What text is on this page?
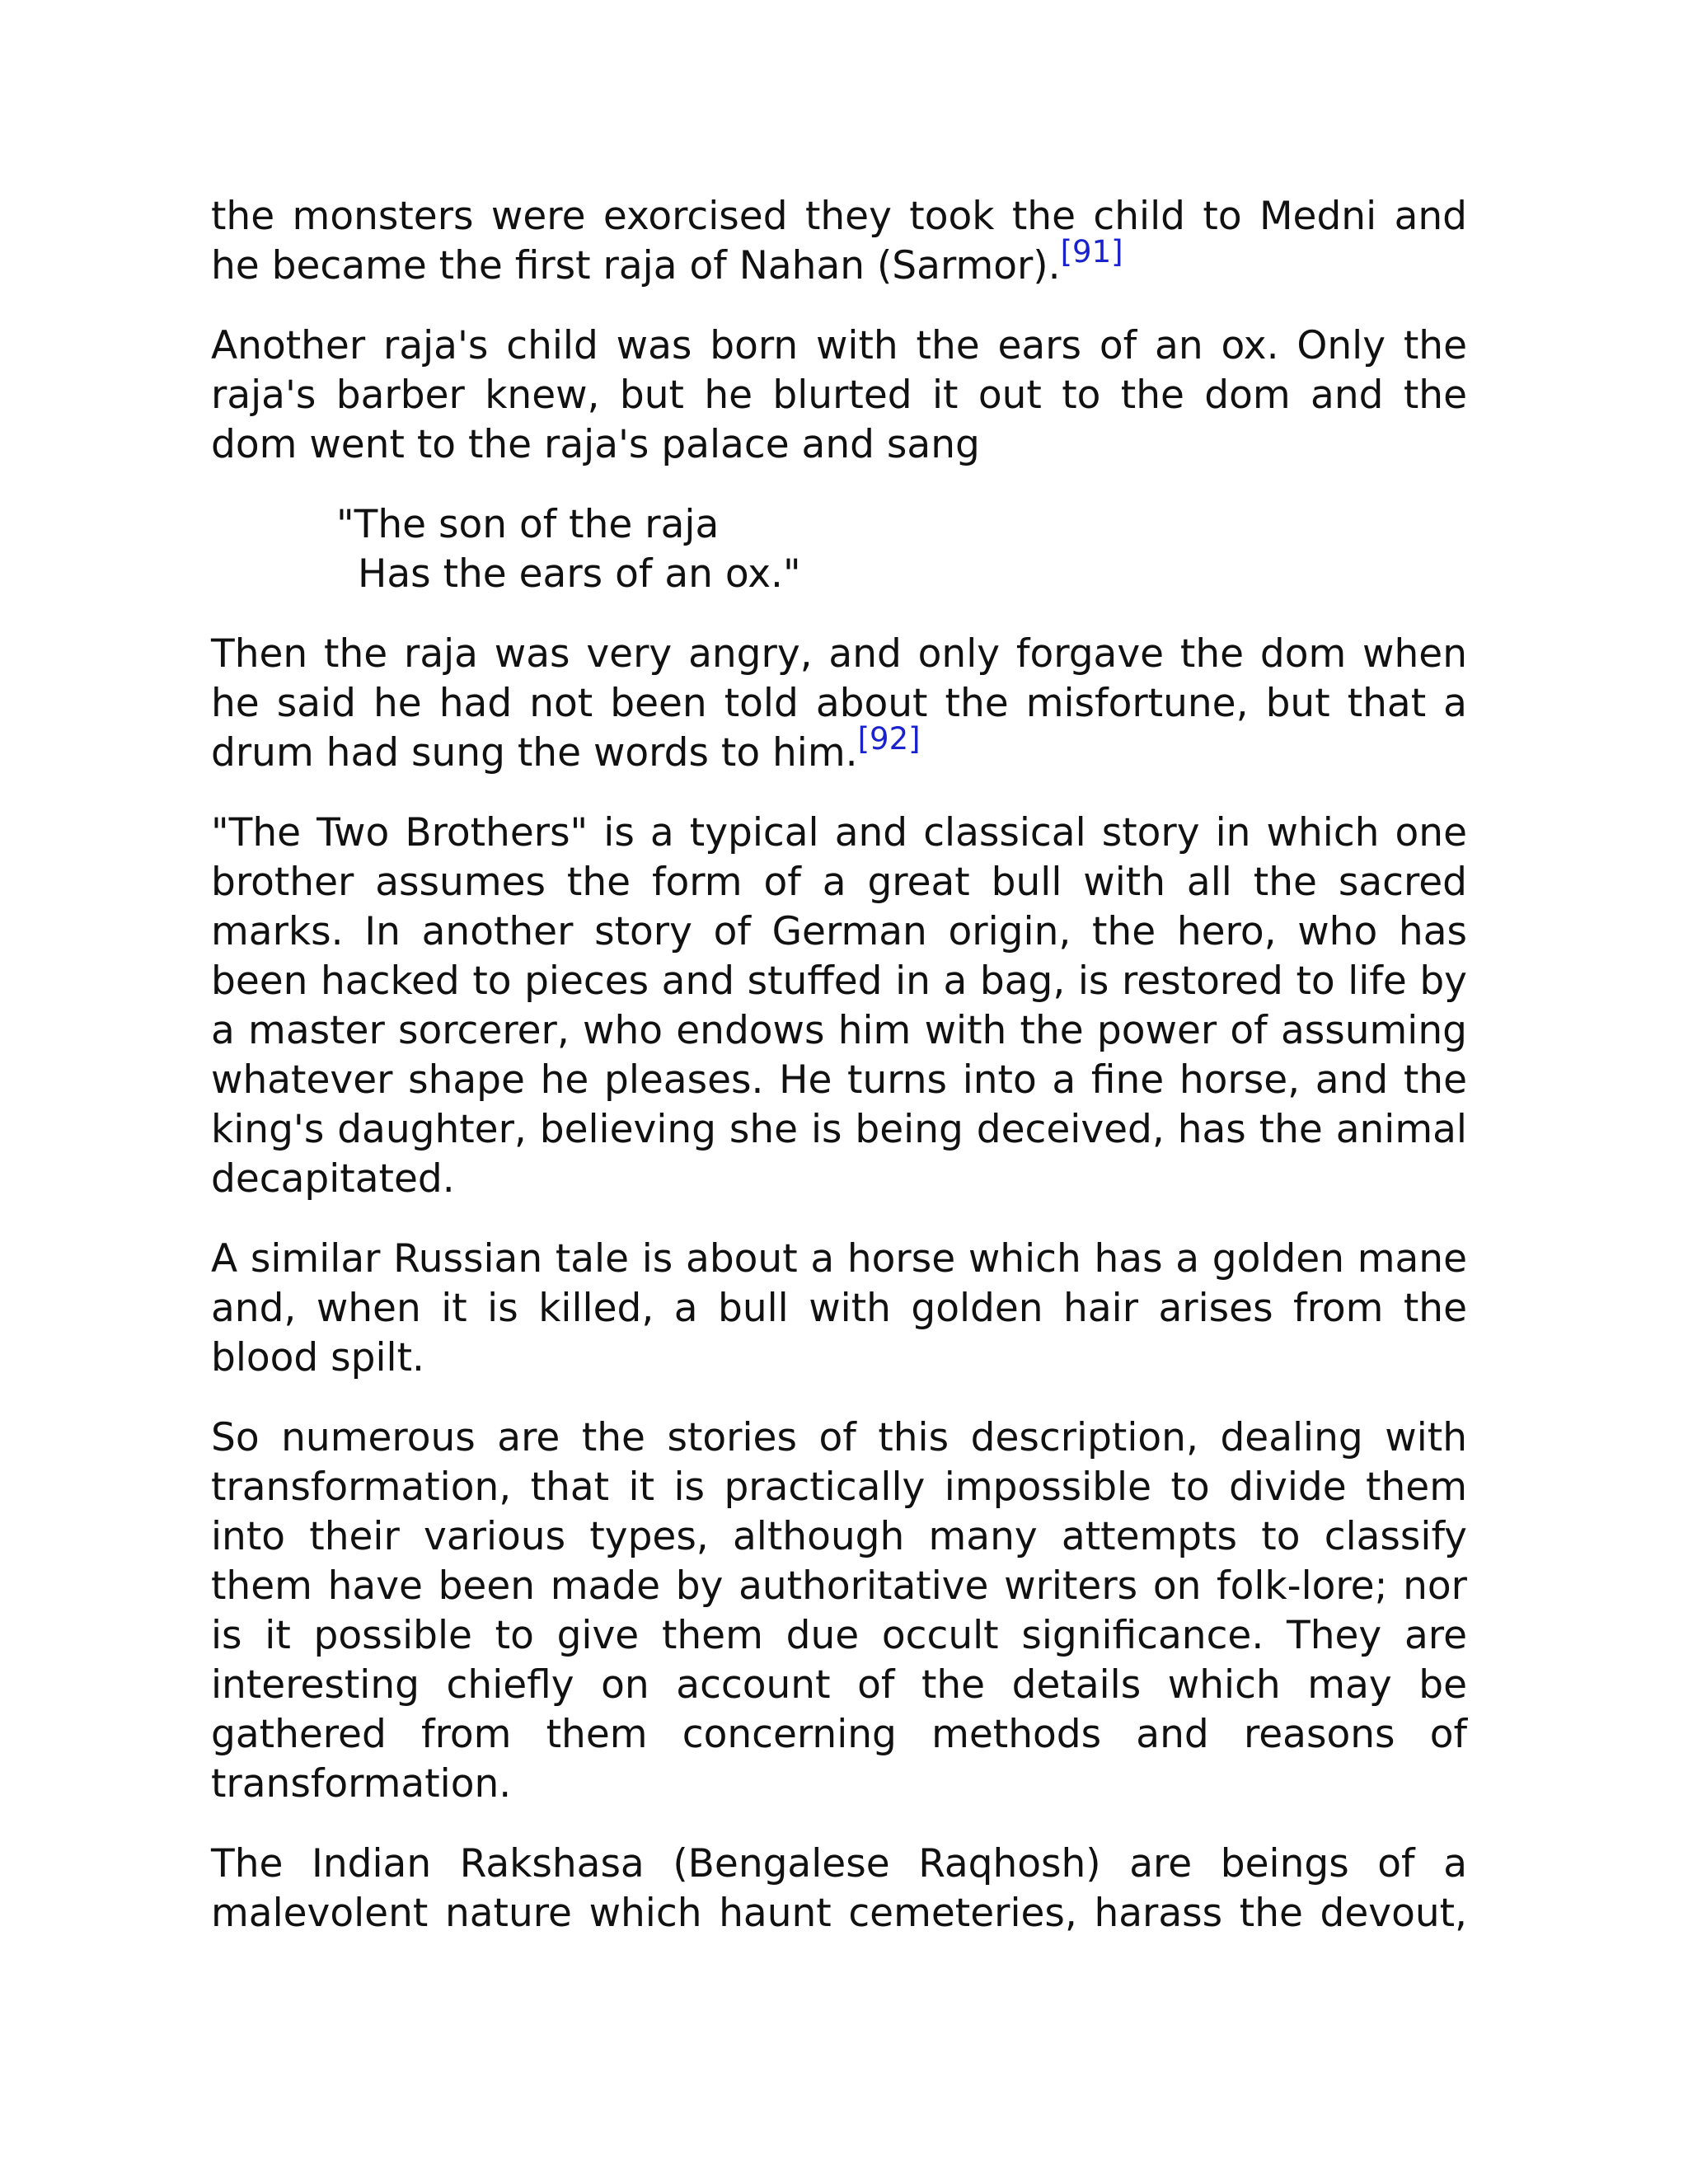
the monsters were exorcised they took the child to Medni and he became the first raja of Nahan (Sarmor).[91]

Another raja's child was born with the ears of an ox. Only the raja's barber knew, but he blurted it out to the dom and the dom went to the raja's palace and sang

"The son of the raja
Has the ears of an ox."

Then the raja was very angry, and only forgave the dom when he said he had not been told about the misfortune, but that a drum had sung the words to him.[92]

"The Two Brothers" is a typical and classical story in which one brother assumes the form of a great bull with all the sacred marks. In another story of German origin, the hero, who has been hacked to pieces and stuffed in a bag, is restored to life by a master sorcerer, who endows him with the power of assuming whatever shape he pleases. He turns into a fine horse, and the king's daughter, believing she is being deceived, has the animal decapitated.

A similar Russian tale is about a horse which has a golden mane and, when it is killed, a bull with golden hair arises from the blood spilt.

So numerous are the stories of this description, dealing with transformation, that it is practically impossible to divide them into their various types, although many attempts to classify them have been made by authoritative writers on folk-lore; nor is it possible to give them due occult significance. They are interesting chiefly on account of the details which may be gathered from them concerning methods and reasons of transformation.

The Indian Rakshasa (Bengalese Raqhosh) are beings of a malevolent nature which haunt cemeteries, harass the devout,
